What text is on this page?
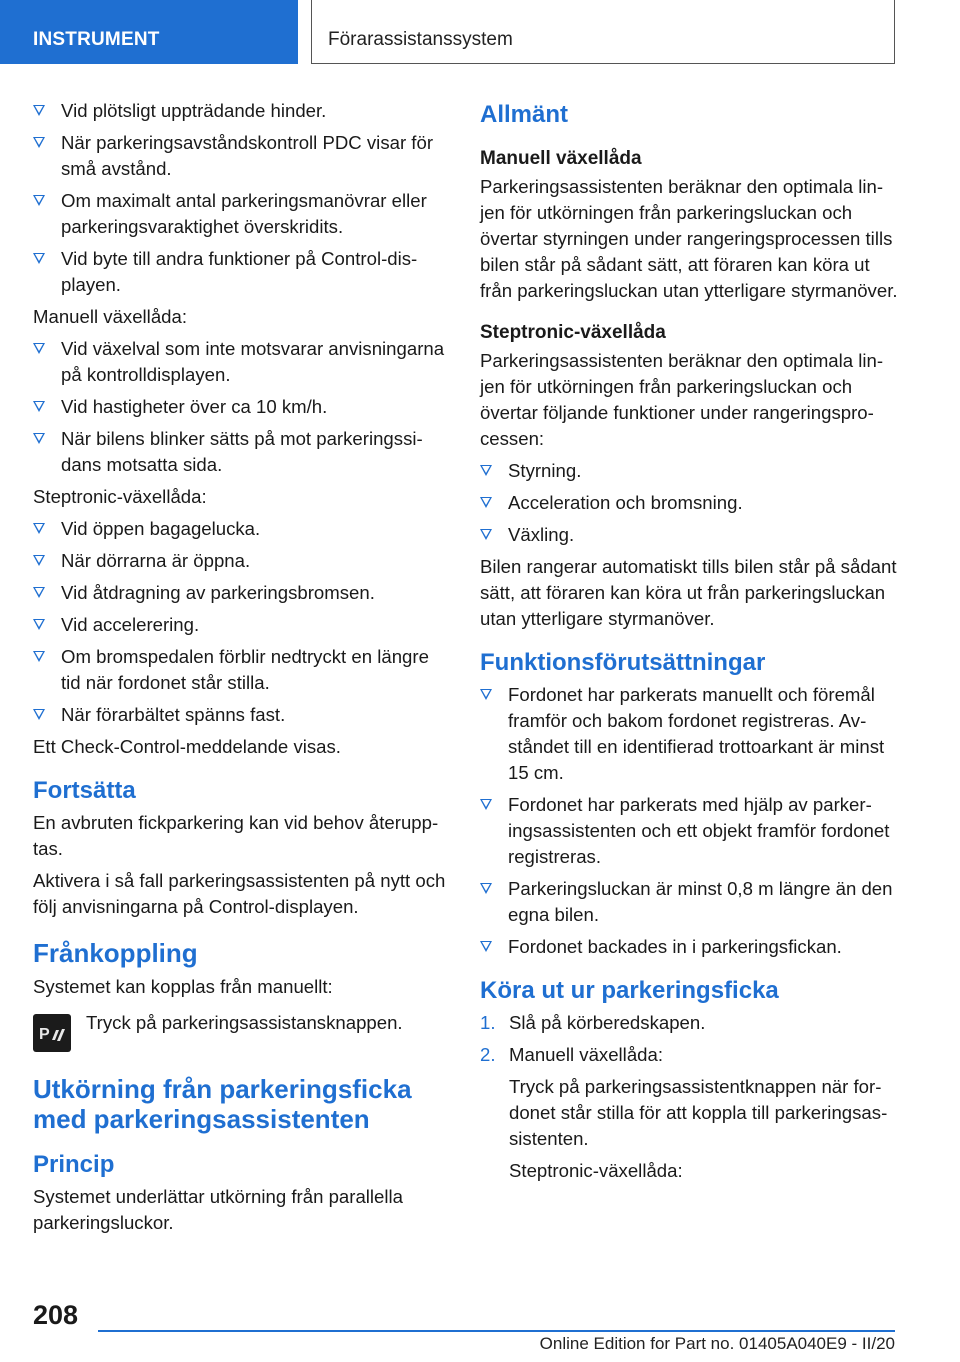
INSTRUMENT	Förarassistanssystem
Vid plötsligt uppträdande hinder.
När parkeringsavståndskontroll PDC visar för små avstånd.
Om maximalt antal parkeringsmanövrar eller parkeringsvaraktighet överskridits.
Vid byte till andra funktioner på Control-displayen.
Manuell växellåda:
Vid växelval som inte motsvarar anvisningarna på kontrolldisplayen.
Vid hastigheter över ca 10 km/h.
När bilens blinker sätts på mot parkeringssidans motsatta sida.
Steptronic-växellåda:
Vid öppen bagagelucka.
När dörrarna är öppna.
Vid åtdragning av parkeringsbromsen.
Vid accelerering.
Om bromspedalen förblir nedtryckt en längre tid när fordonet står stilla.
När förarbältet spänns fast.
Ett Check-Control-meddelande visas.
Fortsätta
En avbruten fickparkering kan vid behov återupptas.
Aktivera i så fall parkeringsassistenten på nytt och följ anvisningarna på Control-displayen.
Frånkoppling
Systemet kan kopplas från manuellt:
P
Tryck på parkeringsassistansknappen.
Utkörning från parkeringsficka med parkeringsassistenten
Princip
Systemet underlättar utkörning från parallella parkeringsluckor.
Allmänt
Manuell växellåda
Parkeringsassistenten beräknar den optimala linjen för utkörningen från parkeringsluckan och övertar styrningen under rangeringsprocessen tills bilen står på sådant sätt, att föraren kan köra ut från parkeringsluckan utan ytterligare styrmanöver.
Steptronic-växellåda
Parkeringsassistenten beräknar den optimala linjen för utkörningen från parkeringsluckan och övertar följande funktioner under rangeringsprocessen:
Styrning.
Acceleration och bromsning.
Växling.
Bilen rangerar automatiskt tills bilen står på sådant sätt, att föraren kan köra ut från parkeringsluckan utan ytterligare styrmanöver.
Funktionsförutsättningar
Fordonet har parkerats manuellt och föremål framför och bakom fordonet registreras. Avståndet till en identifierad trottoarkant är minst 15 cm.
Fordonet har parkerats med hjälp av parkeringsassistenten och ett objekt framför fordonet registreras.
Parkeringsluckan är minst 0,8 m längre än den egna bilen.
Fordonet backades in i parkeringsfickan.
Köra ut ur parkeringsficka
1. Slå på körberedskapen.
2. Manuell växellåda:
Tryck på parkeringsassistentknappen när fordonet står stilla för att koppla till parkeringsassistenten.
Steptronic-växellåda:
208
Online Edition for Part no. 01405A040E9 - II/20
